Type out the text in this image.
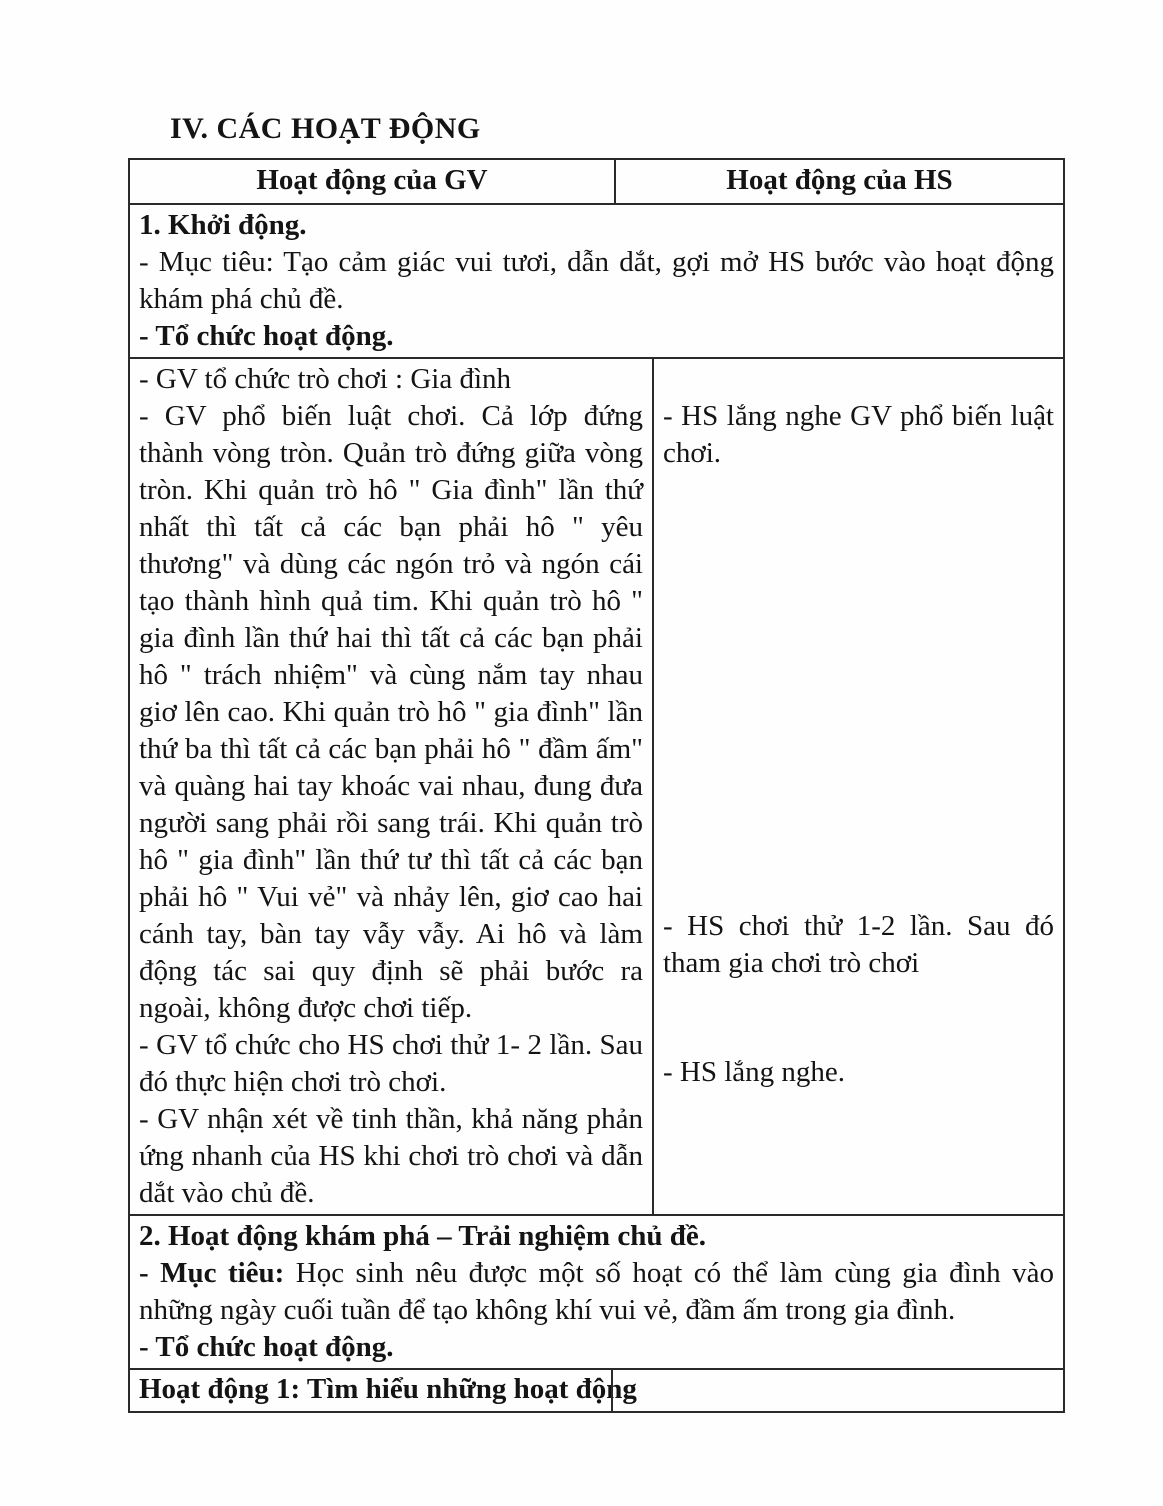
IV. CÁC HOẠT ĐỘNG
Hoạt động của GV	Hoạt động của HS

1. Khởi động.

- Mục tiêu: Tạo cảm giác vui tươi, dẫn dắt, gợi mở HS bước vào hoạt động khám phá chủ đề.

- Tổ chức hoạt động.

- GV tổ chức trò chơi : Gia đình

- GV phổ biến luật chơi. Cả lớp đứng thành vòng tròn. Quản trò đứng giữa vòng tròn. Khi quản trò hô " Gia đình" lần thứ nhất thì tất cả các bạn phải hô " yêu thương" và dùng các ngón trỏ và ngón cái tạo thành hình quả tim. Khi quản trò hô " gia đình lần thứ hai thì tất cả các bạn phải hô " trách nhiệm" và cùng nắm tay nhau giơ lên cao. Khi quản trò hô " gia đình" lần thứ ba thì tất cả các bạn phải hô " đầm ấm" và quàng hai tay khoác vai nhau, đung đưa người sang phải rồi sang trái. Khi quản trò hô " gia đình" lần thứ tư thì tất cả các bạn phải hô " Vui vẻ" và nhảy lên, giơ cao hai cánh tay, bàn tay vẫy vẫy. Ai hô và làm động tác sai quy định sẽ phải bước ra ngoài, không được chơi tiếp.

- GV tổ chức cho HS chơi thử 1- 2 lần. Sau đó thực hiện chơi trò chơi.

- GV nhận xét về tinh thần, khả năng phản ứng nhanh của HS khi chơi trò chơi và dẫn dắt vào chủ đề.

- HS lắng nghe GV phổ biến luật chơi.

- HS chơi thử 1-2 lần. Sau đó tham gia chơi trò chơi

- HS lắng nghe.

2. Hoạt động khám phá – Trải nghiệm chủ đề.

- Mục tiêu: Học sinh nêu được một số hoạt có thể làm cùng gia đình vào những ngày cuối tuần để tạo không khí vui vẻ, đầm ấm trong gia đình.

- Tổ chức hoạt động.

Hoạt động 1: Tìm hiểu những hoạt động
